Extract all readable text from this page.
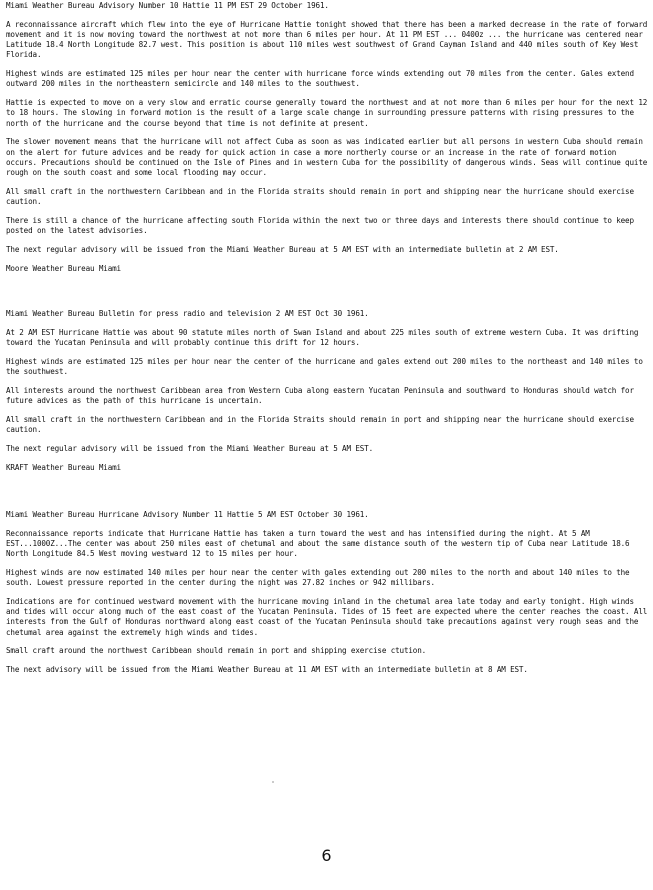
Miami Weather Bureau Advisory Number 10 Hattie 11 PM EST 29 October 1961.

A reconnaissance aircraft which flew into the eye of Hurricane Hattie tonight showed that there has been a marked decrease in the rate of forward movement and it is now moving toward the northwest at not more than 6 miles per hour. At 11 PM EST ... 0400z ... the hurricane was centered near Latitude 18.4 North Longitude 82.7 west. This position is about 110 miles west southwest of Grand Cayman Island and 440 miles south of Key West Florida.

Highest winds are estimated 125 miles per hour near the center with hurricane force winds extending out 70 miles from the center. Gales extend outward 200 miles in the northeastern semicircle and 140 miles to the southwest.

Hattie is expected to move on a very slow and erratic course generally toward the northwest and at not more than 6 miles per hour for the next 12 to 18 hours. The slowing in forward motion is the result of a large scale change in surrounding pressure patterns with rising pressures to the north of the hurricane and the course beyond that time is not definite at present.

The slower movement means that the hurricane will not affect Cuba as soon as was indicated earlier but all persons in western Cuba should remain on the alert for future advices and be ready for quick action in case a more northerly course or an increase in the rate of forward motion occurs. Precautions should be continued on the Isle of Pines and in western Cuba for the possibility of dangerous winds. Seas will continue quite rough on the south coast and some local flooding may occur.

All small craft in the northwestern Caribbean and in the Florida straits should remain in port and shipping near the hurricane should exercise caution.

There is still a chance of the hurricane affecting south Florida within the next two or three days and interests there should continue to keep posted on the latest advisories.

The next regular advisory will be issued from the Miami Weather Bureau at 5 AM EST with an intermediate bulletin at 2 AM EST.

Moore Weather Bureau Miami

Miami Weather Bureau Bulletin for press radio and television 2 AM EST Oct 30 1961.

At 2 AM EST Hurricane Hattie was about 90 statute miles north of Swan Island and about 225 miles south of extreme western Cuba. It was drifting toward the Yucatan Peninsula and will probably continue this drift for 12 hours.

Highest winds are estimated 125 miles per hour near the center of the hurricane and gales extend out 200 miles to the northeast and 140 miles to the southwest.

All interests around the northwest Caribbean area from Western Cuba along eastern Yucatan Peninsula and southward to Honduras should watch for future advices as the path of this hurricane is uncertain.

All small craft in the northwestern Caribbean and in the Florida Straits should remain in port and shipping near the hurricane should exercise caution.

The next regular advisory will be issued from the Miami Weather Bureau at 5 AM EST.

KRAFT Weather Bureau Miami

Miami Weather Bureau Hurricane Advisory Number 11 Hattie 5 AM EST October 30 1961.

Reconnaissance reports indicate that Hurricane Hattie has taken a turn toward the west and has intensified during the night. At 5 AM EST...1000Z...The center was about 250 miles east of chetumal and about the same distance south of the western tip of Cuba near Latitude 18.6 North Longitude 84.5 West moving westward 12 to 15 miles per hour.

Highest winds are now estimated 140 miles per hour near the center with gales extending out 200 miles to the north and about 140 miles to the south. Lowest pressure reported in the center during the night was 27.82 inches or 942 millibars.

Indications are for continued westward movement with the hurricane moving inland in the chetumal area late today and early tonight. High winds and tides will occur along much of the east coast of the Yucatan Peninsula. Tides of 15 feet are expected where the center reaches the coast. All interests from the Gulf of Honduras northward along east coast of the Yucatan Peninsula should take precautions against very rough seas and the chetumal area against the extremely high winds and tides.

Small craft around the northwest Caribbean should remain in port and shipping exercise ctution.

The next advisory will be issued from the Miami Weather Bureau at 11 AM EST with an intermediate bulletin at 8 AM EST.

6
